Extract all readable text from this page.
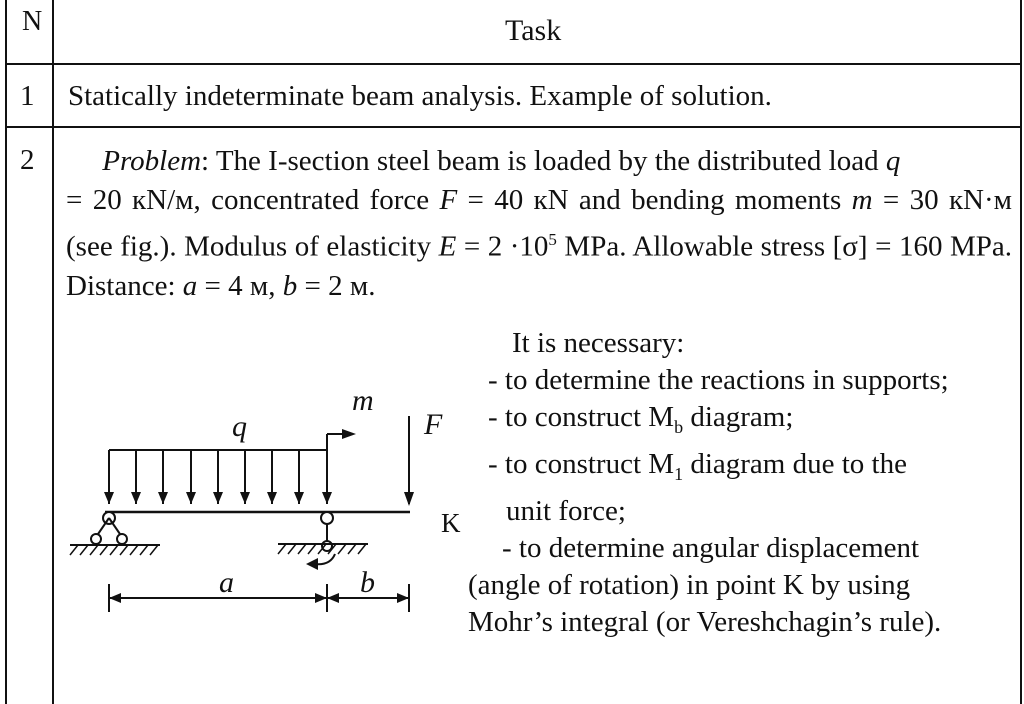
N	Task
1 Statically indeterminate beam analysis. Example of solution.
2	Problem: The I-section steel beam is loaded by the distributed load q
= 20 кN/м, concentrated force F = 40 кN and bending moments m = 30 кN·м (see fig.). Modulus of elasticity $E = 2 \cdot 10^5$ MPa. Allowable stress [σ] = 160 MPa. Distance: a = 4 м, b = 2 м.
q
m
F
K
a	b
It is necessary:
- to determine the reactions in supports;
- to construct $M_b$ diagram;
- to construct $M_1$ diagram due to the
unit force;
- to determine angular displacement
(angle of rotation) in point K by using
Mohr’s integral (or Vereshchagin’s rule).
